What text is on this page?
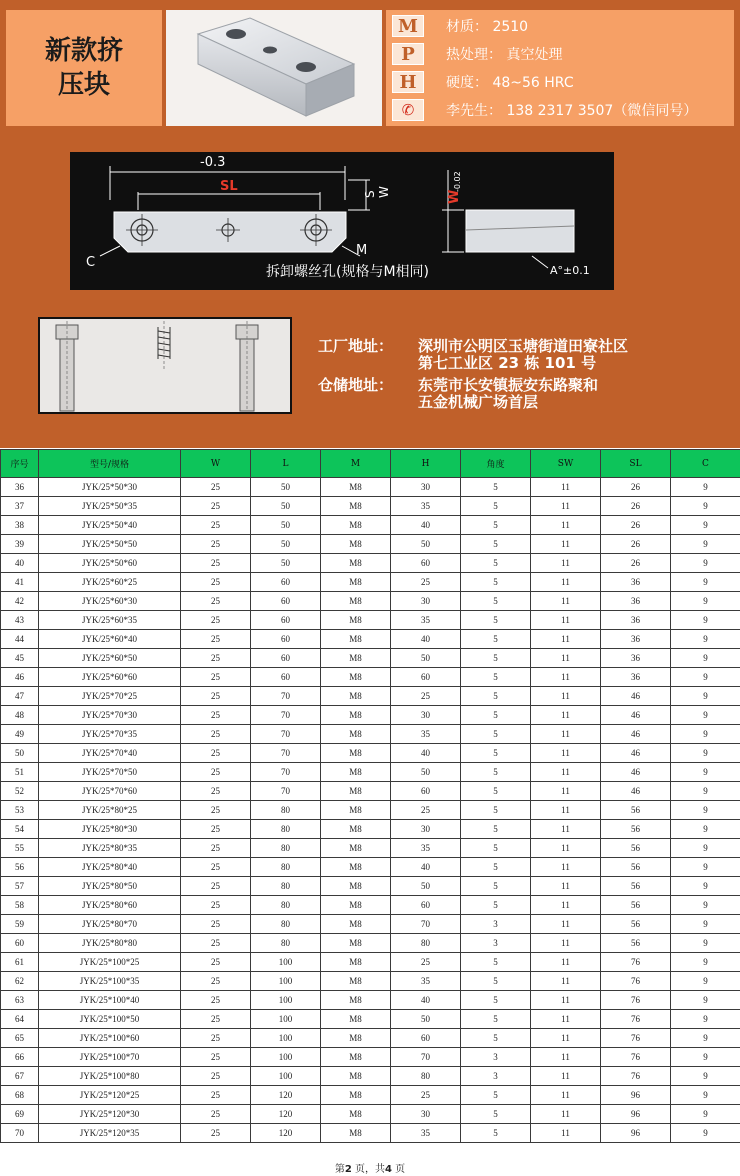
新款挤
压块
M	材质： 2510
P	热处理： 真空处理
H	硬度： 48~56 HRC
✆	李先生： 138 2317 3507（微信同号）
-0.3
SL
S W	W
-0.02
C
M
A°±0.1
拆卸螺丝孔(规格与M相同)
工厂地址：	深圳市公明区玉塘街道田寮社区
第七工业区 23 栋 101 号
仓储地址：	东莞市长安镇振安东路聚和
五金机械广场首层
序号	型号/规格	W	L	M	H	角度	SW	SL	C
36	JYK/25*50*30	25	50	M8	30	5	11	26	9
37	JYK/25*50*35	25	50	M8	35	5	11	26	9
38	JYK/25*50*40	25	50	M8	40	5	11	26	9
39	JYK/25*50*50	25	50	M8	50	5	11	26	9
40	JYK/25*50*60	25	50	M8	60	5	11	26	9
41	JYK/25*60*25	25	60	M8	25	5	11	36	9
42	JYK/25*60*30	25	60	M8	30	5	11	36	9
43	JYK/25*60*35	25	60	M8	35	5	11	36	9
44	JYK/25*60*40	25	60	M8	40	5	11	36	9
45	JYK/25*60*50	25	60	M8	50	5	11	36	9
46	JYK/25*60*60	25	60	M8	60	5	11	36	9
47	JYK/25*70*25	25	70	M8	25	5	11	46	9
48	JYK/25*70*30	25	70	M8	30	5	11	46	9
49	JYK/25*70*35	25	70	M8	35	5	11	46	9
50	JYK/25*70*40	25	70	M8	40	5	11	46	9
51	JYK/25*70*50	25	70	M8	50	5	11	46	9
52	JYK/25*70*60	25	70	M8	60	5	11	46	9
53	JYK/25*80*25	25	80	M8	25	5	11	56	9
54	JYK/25*80*30	25	80	M8	30	5	11	56	9
55	JYK/25*80*35	25	80	M8	35	5	11	56	9
56	JYK/25*80*40	25	80	M8	40	5	11	56	9
57	JYK/25*80*50	25	80	M8	50	5	11	56	9
58	JYK/25*80*60	25	80	M8	60	5	11	56	9
59	JYK/25*80*70	25	80	M8	70	3	11	56	9
60	JYK/25*80*80	25	80	M8	80	3	11	56	9
61	JYK/25*100*25	25	100	M8	25	5	11	76	9
62	JYK/25*100*35	25	100	M8	35	5	11	76	9
63	JYK/25*100*40	25	100	M8	40	5	11	76	9
64	JYK/25*100*50	25	100	M8	50	5	11	76	9
65	JYK/25*100*60	25	100	M8	60	5	11	76	9
66	JYK/25*100*70	25	100	M8	70	3	11	76	9
67	JYK/25*100*80	25	100	M8	80	3	11	76	9
68	JYK/25*120*25	25	120	M8	25	5	11	96	9
69	JYK/25*120*30	25	120	M8	30	5	11	96	9
70	JYK/25*120*35	25	120	M8	35	5	11	96	9
第2 页，共4 页
